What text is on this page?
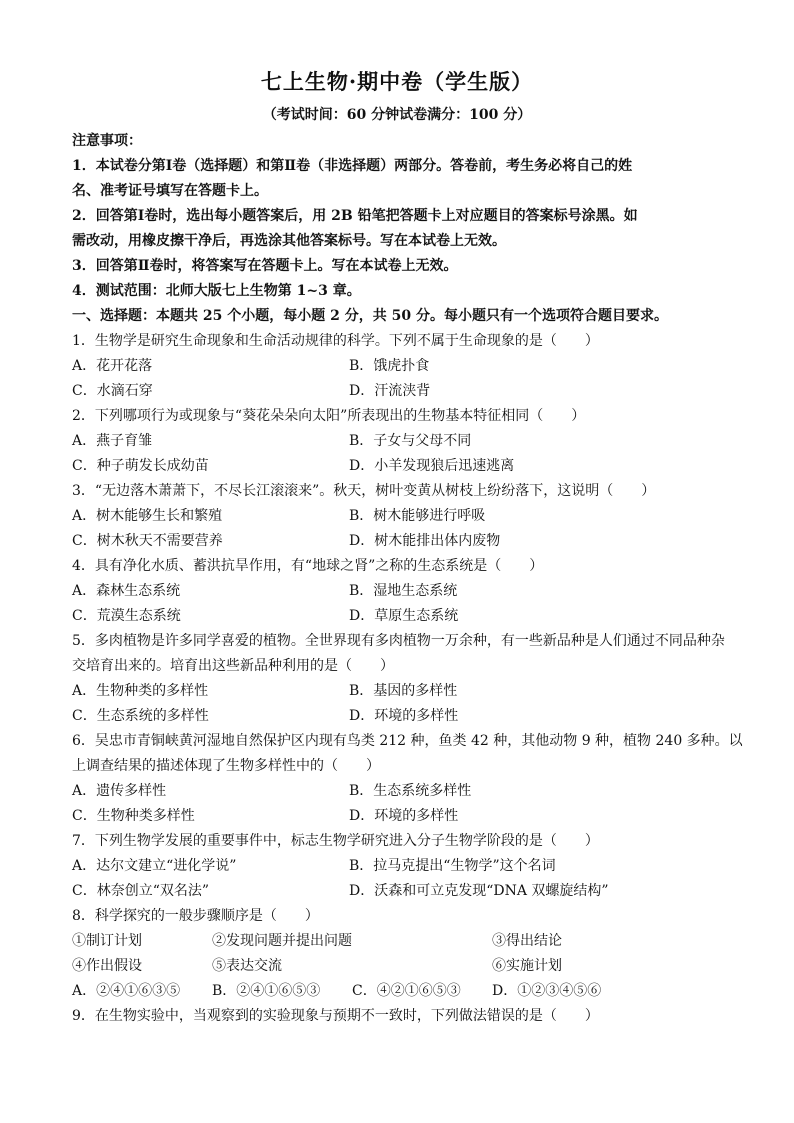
七上生物·期中卷（学生版）
（考试时间：60 分钟试卷满分：100 分）
注意事项：
1．本试卷分第Ⅰ卷（选择题）和第Ⅱ卷（非选择题）两部分。答卷前，考生务必将自己的姓
名、准考证号填写在答题卡上。
2．回答第Ⅰ卷时，选出每小题答案后，用 2B 铅笔把答题卡上对应题目的答案标号涂黑。如
需改动，用橡皮擦干净后，再选涂其他答案标号。写在本试卷上无效。
3．回答第Ⅱ卷时，将答案写在答题卡上。写在本试卷上无效。
4．测试范围：北师大版七上生物第 1~3 章。
一、选择题：本题共 25 个小题，每小题 2 分，共 50 分。每小题只有一个选项符合题目要求。
1．生物学是研究生命现象和生命活动规律的科学。下列不属于生命现象的是（　　）
A．花开花落	B．饿虎扑食
C．水滴石穿	D．汗流浃背
2．下列哪项行为或现象与“葵花朵朵向太阳”所表现出的生物基本特征相同（　　）
A．燕子育雏	B．子女与父母不同
C．种子萌发长成幼苗	D．小羊发现狼后迅速逃离
3．“无边落木萧萧下，不尽长江滚滚来”。秋天，树叶变黄从树枝上纷纷落下，这说明（　　）
A．树木能够生长和繁殖	B．树木能够进行呼吸
C．树木秋天不需要营养	D．树木能排出体内废物
4．具有净化水质、蓄洪抗旱作用，有“地球之肾”之称的生态系统是（　　）
A．森林生态系统	B．湿地生态系统
C．荒漠生态系统	D．草原生态系统
5．多肉植物是许多同学喜爱的植物。全世界现有多肉植物一万余种，有一些新品种是人们通过不同品种杂
交培育出来的。培育出这些新品种利用的是（　　）
A．生物种类的多样性	B．基因的多样性
C．生态系统的多样性	D．环境的多样性
6．吴忠市青铜峡黄河湿地自然保护区内现有鸟类 212 种，鱼类 42 种，其他动物 9 种，植物 240 多种。以
上调查结果的描述体现了生物多样性中的（　　）
A．遗传多样性	B．生态系统多样性
C．生物种类多样性	D．环境的多样性
7．下列生物学发展的重要事件中，标志生物学研究进入分子生物学阶段的是（　　）
A．达尔文建立“进化学说”	B．拉马克提出“生物学”这个名词
C．林奈创立“双名法”	D．沃森和可立克发现“DNA 双螺旋结构”
8．科学探究的一般步骤顺序是（　　）
①制订计划	②发现问题并提出问题	③得出结论
④作出假设	⑤表达交流	⑥实施计划
A．②④①⑥③⑤ B．②④①⑥⑤③ C．④②①⑥⑤③ D．①②③④⑤⑥
9．在生物实验中，当观察到的实验现象与预期不一致时，下列做法错误的是（　　）
